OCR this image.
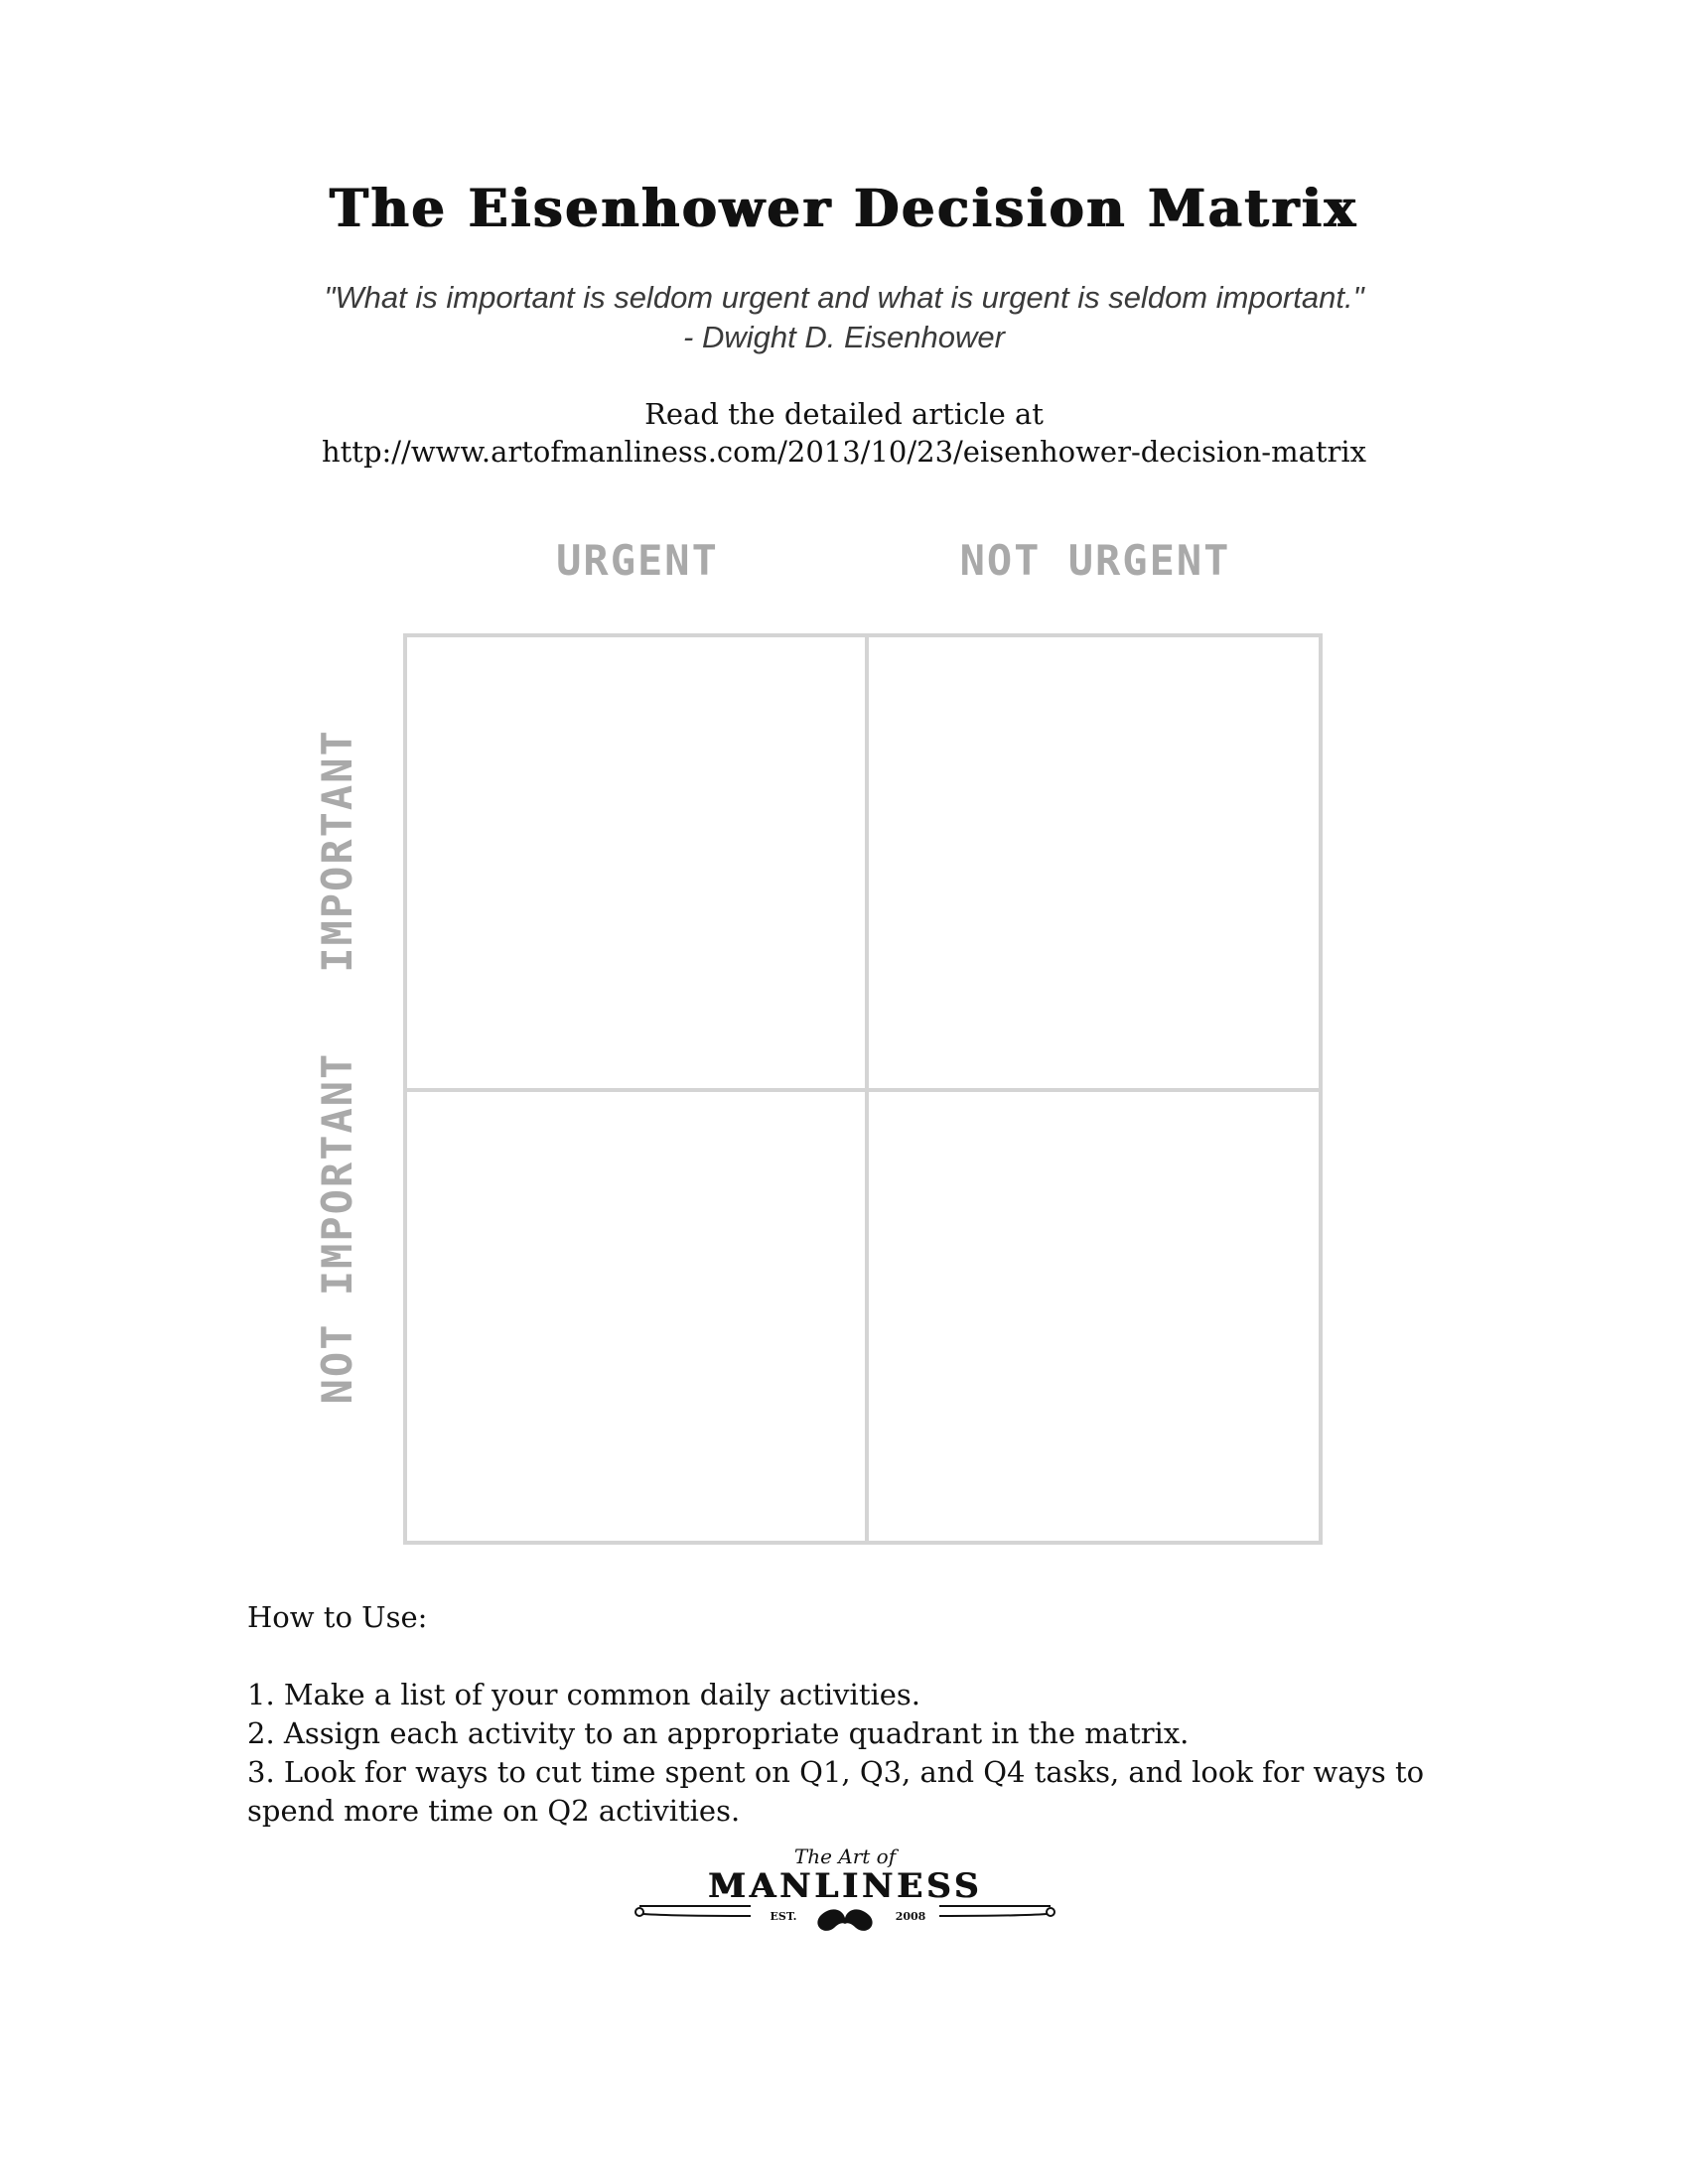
The Eisenhower Decision Matrix
"What is important is seldom urgent and what is urgent is seldom important."
- Dwight D. Eisenhower
Read the detailed article at
http://www.artofmanliness.com/2013/10/23/eisenhower-decision-matrix
URGENT	NOT URGENT
IMPORTANT
NOT IMPORTANT
How to Use:
1. Make a list of your common daily activities.
2. Assign each activity to an appropriate quadrant in the matrix.
3. Look for ways to cut time spent on Q1, Q3, and Q4 tasks, and look for ways to spend more time on Q2 activities.
The Art of
MANLINESS
EST.	2008
